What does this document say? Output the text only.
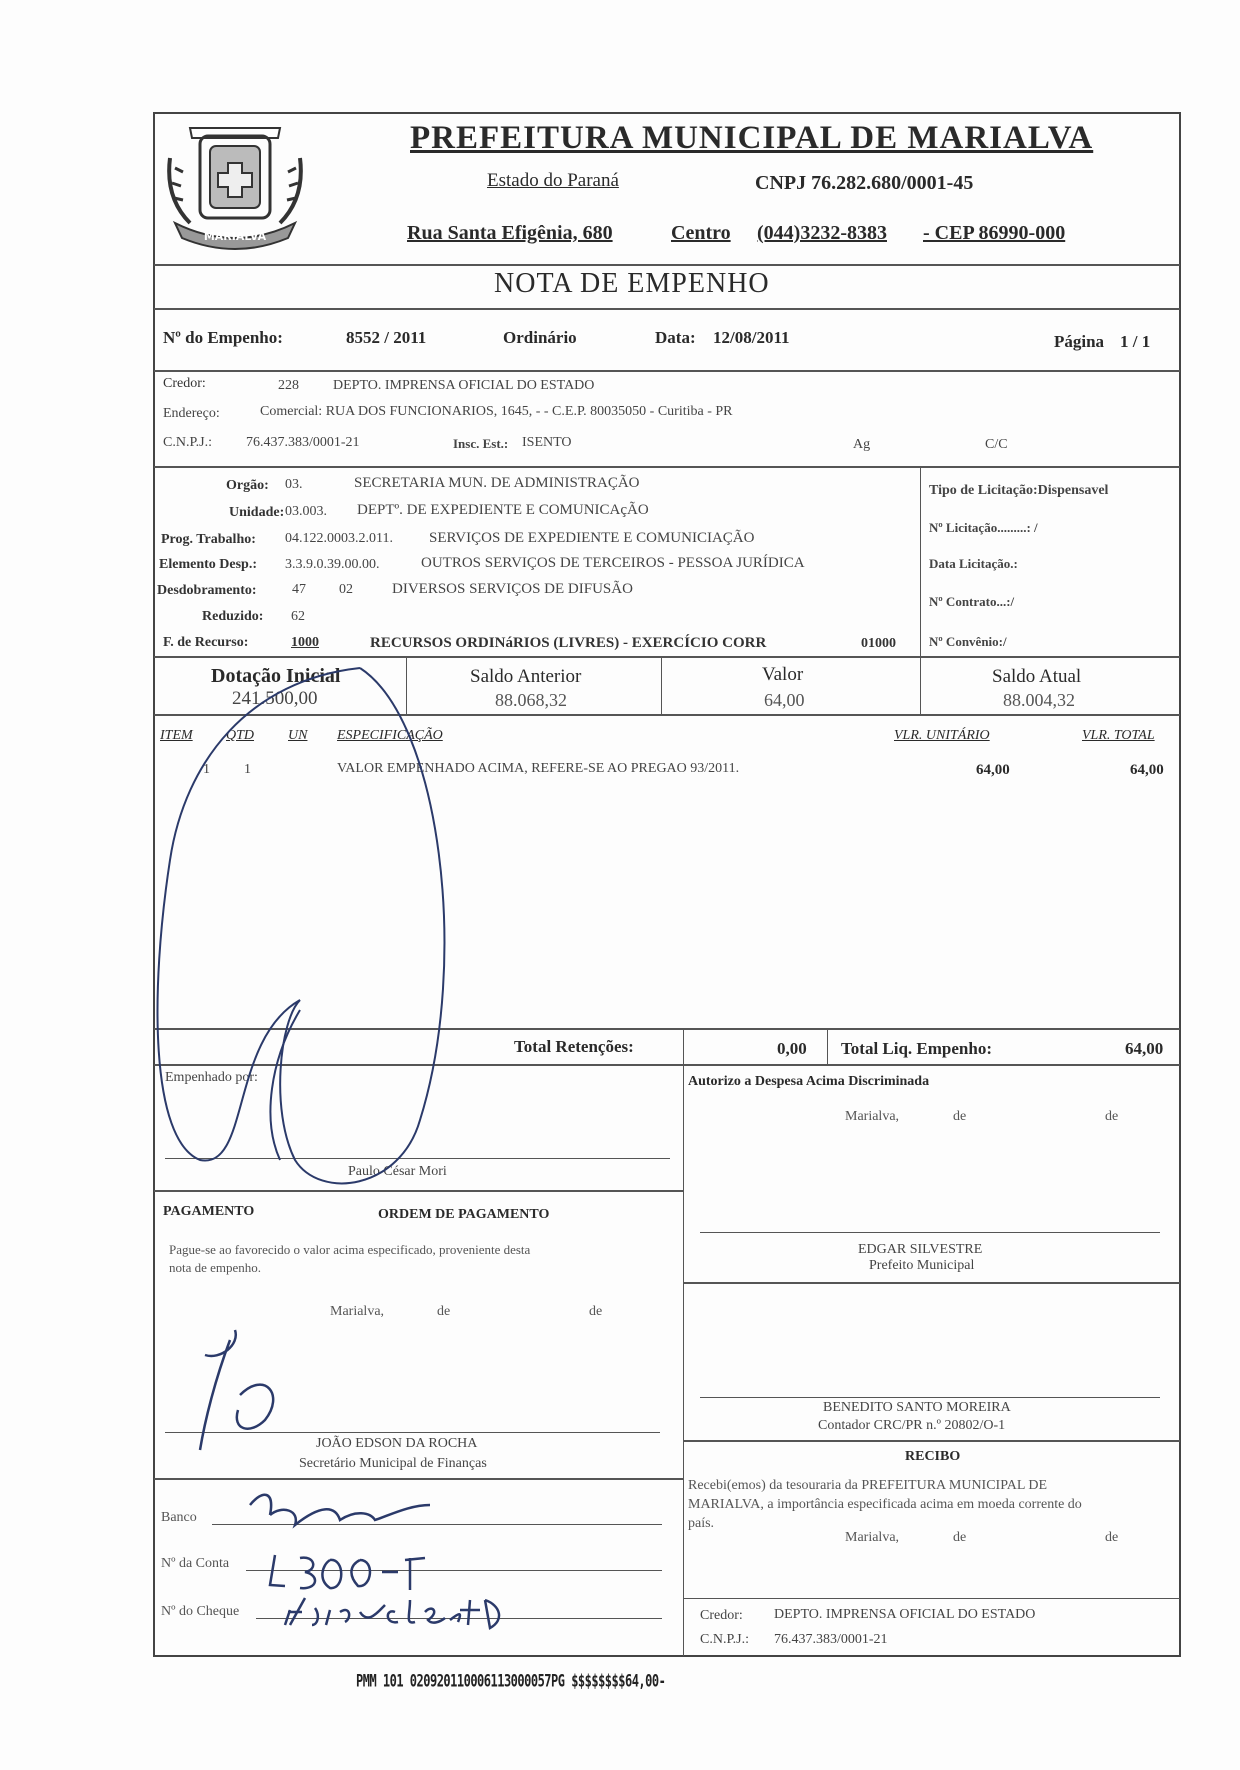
MARIALVA
PREFEITURA MUNICIPAL DE MARIALVA
Estado do Paraná	CNPJ 76.282.680/0001-45
Rua Santa Efigênia, 680	Centro (044)3232-8383 - CEP 86990-000
NOTA DE EMPENHO
Nº do Empenho:	8552 / 2011	Ordinário	Data: 12/08/2011	Página 1 / 1
Credor:	228 DEPTO. IMPRENSA OFICIAL DO ESTADO
Endereço:	Comercial: RUA DOS FUNCIONARIOS, 1645, - - C.E.P. 80035050 - Curitiba - PR
C.N.P.J.: 76.437.383/0001-21	Insc. Est.: ISENTO	Ag	C/C
Orgão: 03.	SECRETARIA MUN. DE ADMINISTRAÇÃO
Unidade: 03.003. DEPTº. DE EXPEDIENTE E COMUNICAçÃO
Prog. Trabalho: 04.122.0003.2.011. SERVIÇOS DE EXPEDIENTE E COMUNICIAÇÃO
Elemento Desp.: 3.3.9.0.39.00.00.	OUTROS SERVIÇOS DE TERCEIROS - PESSOA JURÍDICA
Desdobramento:	47 02	DIVERSOS SERVIÇOS DE DIFUSÃO
Reduzido: 62
F. de Recurso:	1000	RECURSOS ORDINáRIOS (LIVRES) - EXERCÍCIO CORR	01000
Tipo de Licitação:Dispensavel
Nº Licitação.........: /
Data Licitação.:
Nº Contrato...:/
Nº Convênio:/
Dotação Inicial
241.500,00
Saldo Anterior
88.068,32
Valor
64,00
Saldo Atual
88.004,32
ITEM QTD UN ESPECIFICAÇÃO	VLR. UNITÁRIO	VLR. TOTAL
1 1	VALOR EMPENHADO ACIMA, REFERE-SE AO PREGAO 93/2011.	64,00	64,00
Total Retenções:	0,00 Total Liq. Empenho:	64,00
Empenhado por:
Paulo César Mori
Autorizo a Despesa Acima Discriminada
Marialva,	de	de
EDGAR SILVESTRE
Prefeito Municipal
PAGAMENTO	ORDEM DE PAGAMENTO
Pague-se ao favorecido o valor acima especificado, proveniente desta
nota de empenho.
Marialva,	de	de
BENEDITO SANTO MOREIRA
Contador CRC/PR n.º 20802/O-1
RECIBO
Recebi(emos) da tesouraria da PREFEITURA MUNICIPAL DE
MARIALVA, a importância especificada acima em moeda corrente do
país.
Marialva,	de	de
Credor: DEPTO. IMPRENSA OFICIAL DO ESTADO
C.N.P.J.: 76.437.383/0001-21
JOÃO EDSON DA ROCHA
Secretário Municipal de Finanças
Banco
Nº da Conta
Nº do Cheque
PMM 101 020920110006113000057PG $$$$$$$$64,00-
